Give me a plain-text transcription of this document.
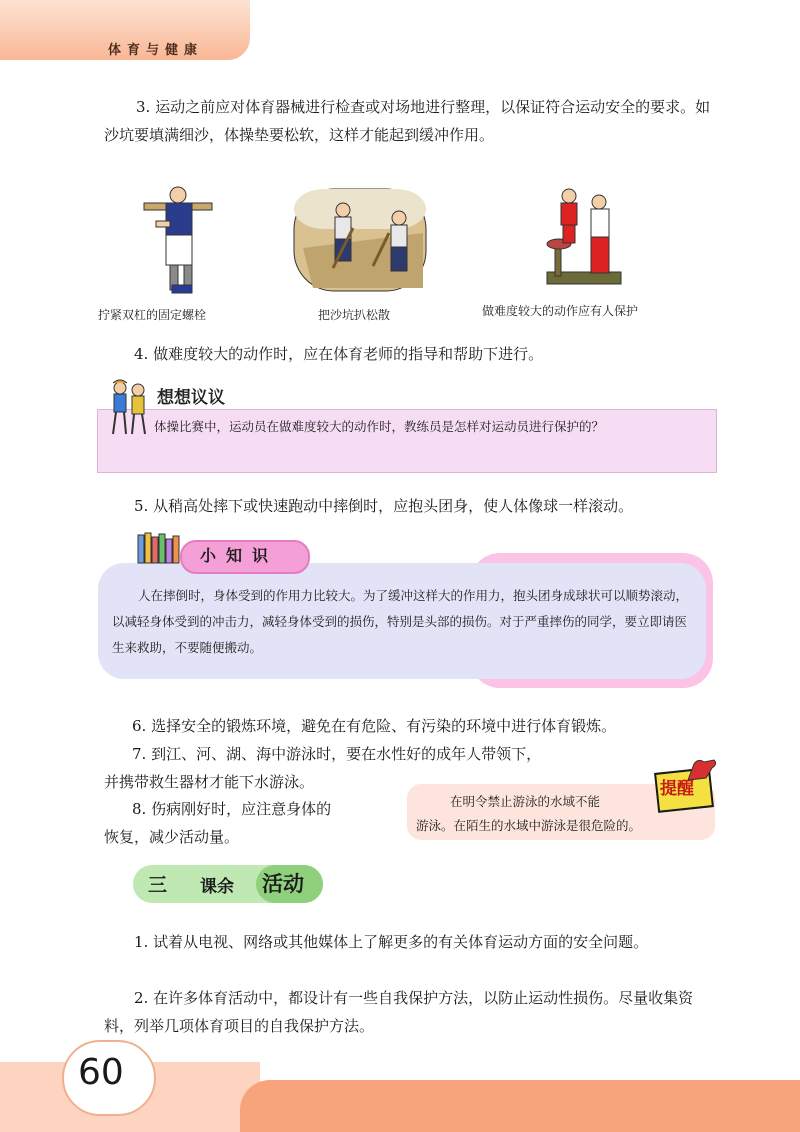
体育与健康
3. 运动之前应对体育器械进行检查或对场地进行整理，以保证符合运动安全的要求。如沙坑要填满细沙，体操垫要松软，这样才能起到缓冲作用。
拧紧双杠的固定螺栓	把沙坑扒松散	做难度较大的动作应有人保护
4. 做难度较大的动作时，应在体育老师的指导和帮助下进行。
想想议议
体操比赛中，运动员在做难度较大的动作时，教练员是怎样对运动员进行保护的？
5. 从稍高处摔下或快速跑动中摔倒时，应抱头团身，使人体像球一样滚动。
小知识
人在摔倒时，身体受到的作用力比较大。为了缓冲这样大的作用力，抱头团身成球状可以顺势滚动，以减轻身体受到的冲击力，减轻身体受到的损伤，特别是头部的损伤。对于严重摔伤的同学，要立即请医生来救助，不要随便搬动。
6. 选择安全的锻炼环境，避免在有危险、有污染的环境中进行体育锻炼。
7. 到江、河、湖、海中游泳时，要在水性好的成年人带领下，
并携带救生器材才能下水游泳。
8. 伤病刚好时，应注意身体的
恢复，减少活动量。
在明令禁止游泳的水域不能
游泳。在陌生的水域中游泳是很危险的。
提醒
三 课余 活动
1. 试着从电视、网络或其他媒体上了解更多的有关体育运动方面的安全问题。
2. 在许多体育活动中，都设计有一些自我保护方法，以防止运动性损伤。尽量收集资料，列举几项体育项目的自我保护方法。
60
